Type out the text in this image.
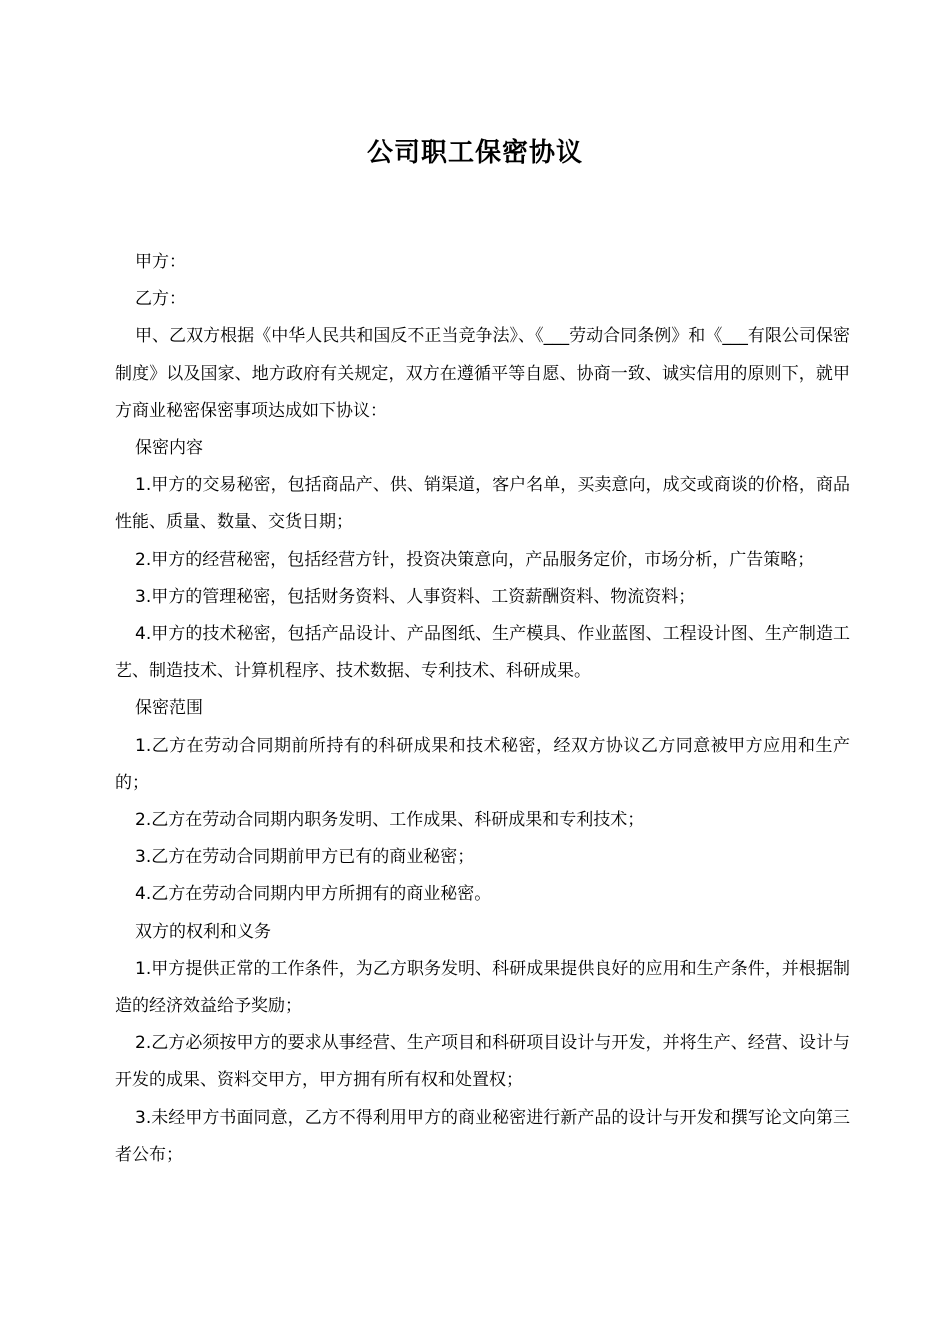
公司职工保密协议

甲方：

乙方：

甲、乙双方根据《中华人民共和国反不正当竞争法》、《___劳动合同条例》和《___有限公司保密制度》以及国家、地方政府有关规定，双方在遵循平等自愿、协商一致、诚实信用的原则下，就甲方商业秘密保密事项达成如下协议：

保密内容

1.甲方的交易秘密，包括商品产、供、销渠道，客户名单，买卖意向，成交或商谈的价格，商品性能、质量、数量、交货日期；

2.甲方的经营秘密，包括经营方针，投资决策意向，产品服务定价，市场分析，广告策略；

3.甲方的管理秘密，包括财务资料、人事资料、工资薪酬资料、物流资料；

4.甲方的技术秘密，包括产品设计、产品图纸、生产模具、作业蓝图、工程设计图、生产制造工艺、制造技术、计算机程序、技术数据、专利技术、科研成果。

保密范围

1.乙方在劳动合同期前所持有的科研成果和技术秘密，经双方协议乙方同意被甲方应用和生产的；

2.乙方在劳动合同期内职务发明、工作成果、科研成果和专利技术；

3.乙方在劳动合同期前甲方已有的商业秘密；

4.乙方在劳动合同期内甲方所拥有的商业秘密。

双方的权利和义务

1.甲方提供正常的工作条件，为乙方职务发明、科研成果提供良好的应用和生产条件，并根据制造的经济效益给予奖励；

2.乙方必须按甲方的要求从事经营、生产项目和科研项目设计与开发，并将生产、经营、设计与开发的成果、资料交甲方，甲方拥有所有权和处置权；

3.未经甲方书面同意，乙方不得利用甲方的商业秘密进行新产品的设计与开发和撰写论文向第三者公布；
